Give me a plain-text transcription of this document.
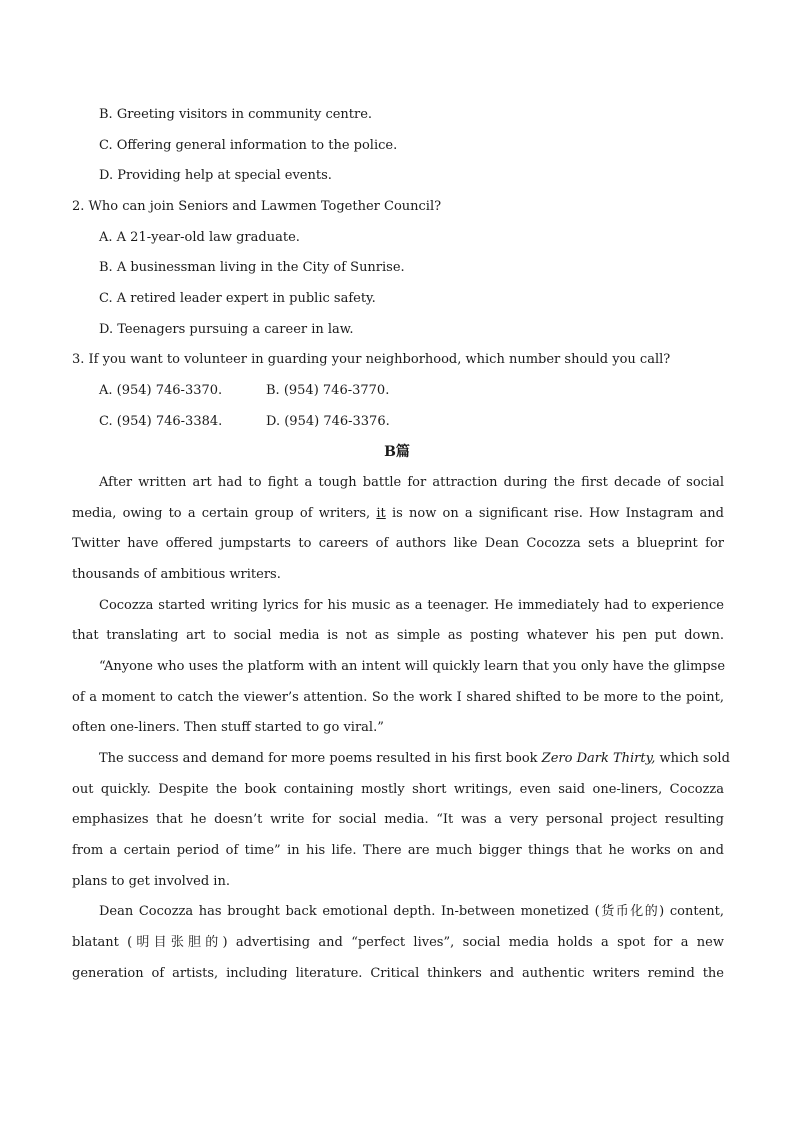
B. Greeting visitors in community centre.
C. Offering general information to the police.
D. Providing help at special events.
2. Who can join Seniors and Lawmen Together Council?
A. A 21-year-old law graduate.
B. A businessman living in the City of Sunrise.
C. A retired leader expert in public safety.
D. Teenagers pursuing a career in law.
3. If you want to volunteer in guarding your neighborhood, which number should you call?
A. (954) 746-3370.	B. (954) 746-3770.
C. (954) 746-3384.	D. (954) 746-3376.
B篇
After written art had to fight a tough battle for attraction during the first decade of social
media, owing to a certain group of writers, it is now on a significant rise. How Instagram and
Twitter have offered jumpstarts to careers of authors like Dean Cocozza sets a blueprint for
thousands of ambitious writers.
Cocozza started writing lyrics for his music as a teenager. He immediately had to experience
that translating art to social media is not as simple as posting whatever his pen put down.
“Anyone who uses the platform with an intent will quickly learn that you only have the glimpse
of a moment to catch the viewer’s attention. So the work I shared shifted to be more to the point,
often one-liners. Then stuff started to go viral.”
The success and demand for more poems resulted in his first book Zero Dark Thirty, which sold
out quickly. Despite the book containing mostly short writings, even said one-liners, Cocozza
emphasizes that he doesn’t write for social media. “It was a very personal project resulting
from a certain period of time” in his life. There are much bigger things that he works on and
plans to get involved in.
Dean Cocozza has brought back emotional depth. In-between monetized (货币化的) content,
blatant (明目张胆的) advertising and “perfect lives”, social media holds a spot for a new
generation of artists, including literature. Critical thinkers and authentic writers remind the
